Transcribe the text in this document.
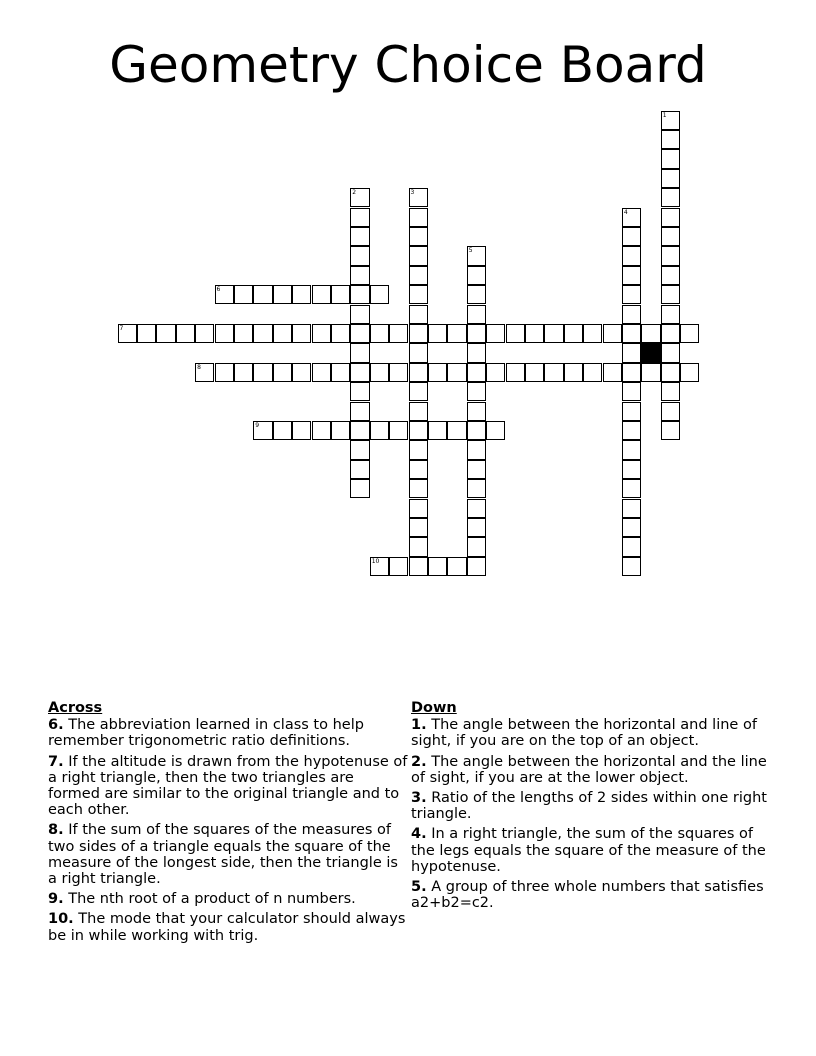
Geometry Choice Board
6
7
8
9
10
1
2	3
4
5
Across
6. The abbreviation learned in class to help remember trigonometric ratio definitions.
7. If the altitude is drawn from the hypotenuse of a right triangle, then the two triangles are formed are similar to the original triangle and to each other.
8. If the sum of the squares of the measures of two sides of a triangle equals the square of the measure of the longest side, then the triangle is a right triangle.
9. The nth root of a product of n numbers.
10. The mode that your calculator should always be in while working with trig.
Down
1. The angle between the horizontal and line of sight, if you are on the top of an object.
2. The angle between the horizontal and the line of sight, if you are at the lower object.
3. Ratio of the lengths of 2 sides within one right triangle.
4. In a right triangle, the sum of the squares of the legs equals the square of the measure of the hypotenuse.
5. A group of three whole numbers that satisfies a2+b2=c2.
